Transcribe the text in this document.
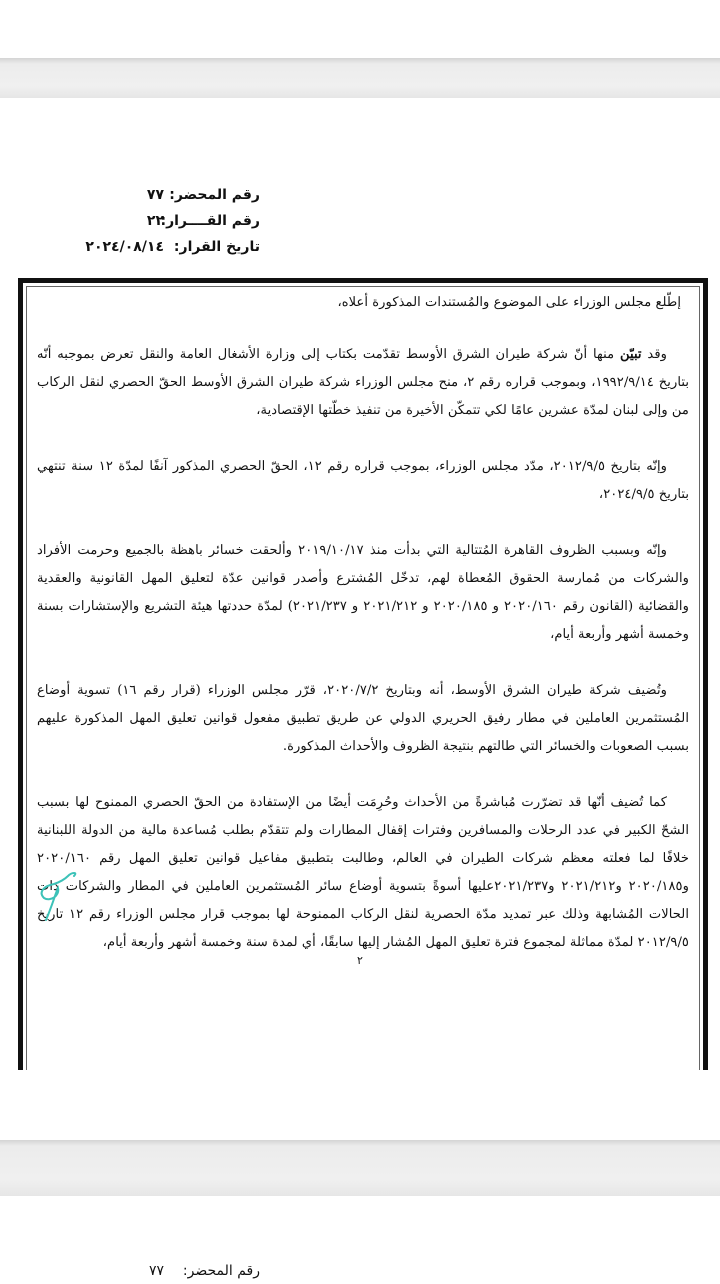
رقم المحضر:
٧٧
رقم القــــرار:
٢٢
تاريخ القرار:
٢٠٢٤/٠٨/١٤

إطّلع مجلس الوزراء على الموضوع والمُستندات المذكورة أعلاه،

وقد تبيّن منها أنّ شركة طيران الشرق الأوسط تقدّمت بكتاب إلى وزارة الأشغال العامة والنقل تعرض بموجبه أنّه بتاريخ ١٩٩٢/٩/١٤، وبموجب قراره رقم ٢، منح مجلس الوزراء شركة طيران الشرق الأوسط الحقّ الحصري لنقل الركاب من وإلى لبنان لمدّة عشرين عامًا لكي تتمكّن الأخيرة من تنفيذ خطّتها الإقتصادية،

وإنّه بتاريخ ٢٠١٢/٩/٥، مدّد مجلس الوزراء، بموجب قراره رقم ١٢، الحقّ الحصري المذكور آنفًا لمدّة ١٢ سنة تنتهي بتاريخ ٢٠٢٤/٩/٥،

وإنّه وبسبب الظروف القاهرة المُتتالية التي بدأت منذ ٢٠١٩/١٠/١٧ وألحقت خسائر باهظة بالجميع وحرمت الأفراد والشركات من مُمارسة الحقوق المُعطاة لهم، تدخّل المُشترع وأصدر قوانين عدّة لتعليق المهل القانونية والعقدية والقضائية (القانون رقم ٢٠٢٠/١٦٠ و ٢٠٢٠/١٨٥ و ٢٠٢١/٢١٢ و ٢٠٢١/٢٣٧) لمدّة حددتها هيئة التشريع والإستشارات بسنة وخمسة أشهر وأربعة أيام،

وتُضيف شركة طيران الشرق الأوسط، أنه وبتاريخ ٢٠٢٠/٧/٢، قرّر مجلس الوزراء (قرار رقم ١٦) تسوية أوضاع المُستثمرين العاملين في مطار رفيق الحريري الدولي عن طريق تطبيق مفعول قوانين تعليق المهل المذكورة عليهم بسبب الصعوبات والخسائر التي طالتهم بنتيجة الظروف والأحداث المذكورة.

كما تُضيف أنّها قد تضرّرت مُباشرةً من الأحداث وحُرِمَت أيضًا من الإستفادة من الحقّ الحصري الممنوح لها بسبب الشحّ الكبير في عدد الرحلات والمسافرين وفترات إقفال المطارات ولم تتقدّم بطلب مُساعدة مالية من الدولة اللبنانية خلافًا لما فعلته معظم شركات الطيران في العالم، وطالبت بتطبيق مفاعيل قوانين تعليق المهل رقم ٢٠٢٠/١٦٠ و٢٠٢٠/١٨٥ و٢٠٢١/٢١٢ و٢٠٢١/٢٣٧عليها أسوةً بتسوية أوضاع سائر المُستثمرين العاملين في المطار والشركات ذات الحالات المُشابهة وذلك عبر تمديد مدّة الحصرية لنقل الركاب الممنوحة لها بموجب قرار مجلس الوزراء رقم ١٢ تاريخ ٢٠١٢/٩/٥ لمدّة مماثلة لمجموع فترة تعليق المهل المُشار إليها سابقًا، أي لمدة سنة وخمسة أشهر وأربعة أيام،

٢
رقم المحضر:
٧٧
